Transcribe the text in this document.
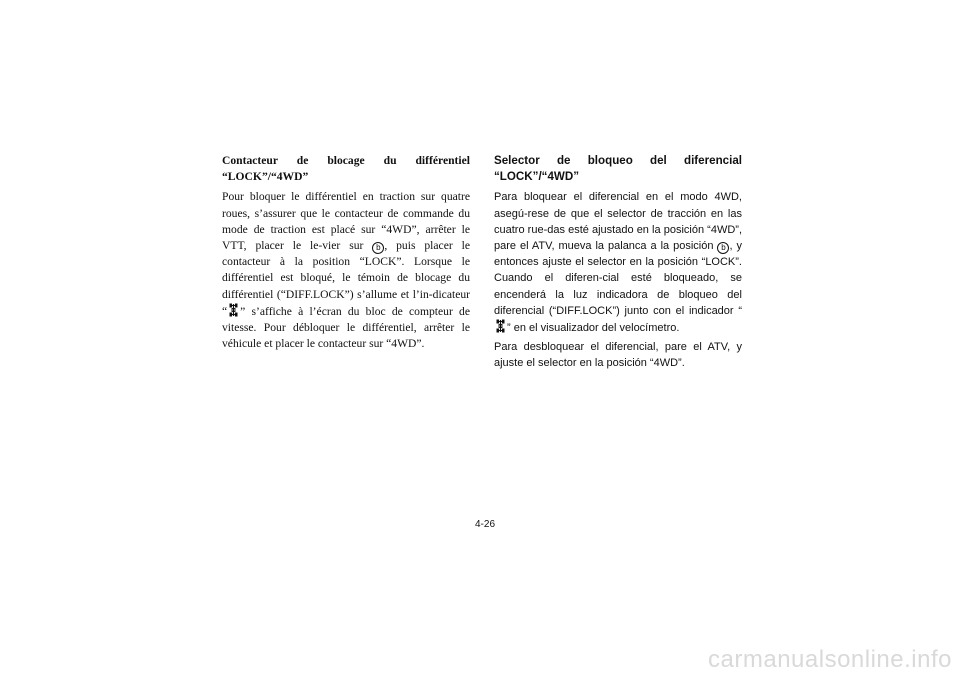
Contacteur de blocage du différentiel
“LOCK”/“4WD”

Pour bloquer le différentiel en traction sur quatre roues, s’assurer que le contacteur de commande du mode de traction est placé sur “4WD”, arrêter le VTT, placer le le-vier sur b , puis placer le contacteur à la position “LOCK”. Lorsque le différentiel est bloqué, le témoin de blocage du différentiel (“DIFF.LOCK”) s’allume et l’in-dicateur “ ” s’affiche à l’écran du bloc de compteur de vitesse. Pour débloquer le différentiel, arrêter le véhicule et placer le contacteur sur “4WD”.

Selector de bloqueo del diferencial
“LOCK”/“4WD”

Para bloquear el diferencial en el modo 4WD, asegú-rese de que el selector de tracción en las cuatro rue-das esté ajustado en la posición “4WD”, pare el ATV, mueva la palanca a la posición b , y entonces ajuste el selector en la posición “LOCK”. Cuando el diferen-cial esté bloqueado, se encenderá la luz indicadora de bloqueo del diferencial (“DIFF.LOCK”) junto con el indicador “” en el visualizador del velocímetro.

Para desbloquear el diferencial, pare el ATV, y ajuste el selector en la posición “4WD”.

4-26
carmanualsonline.info
